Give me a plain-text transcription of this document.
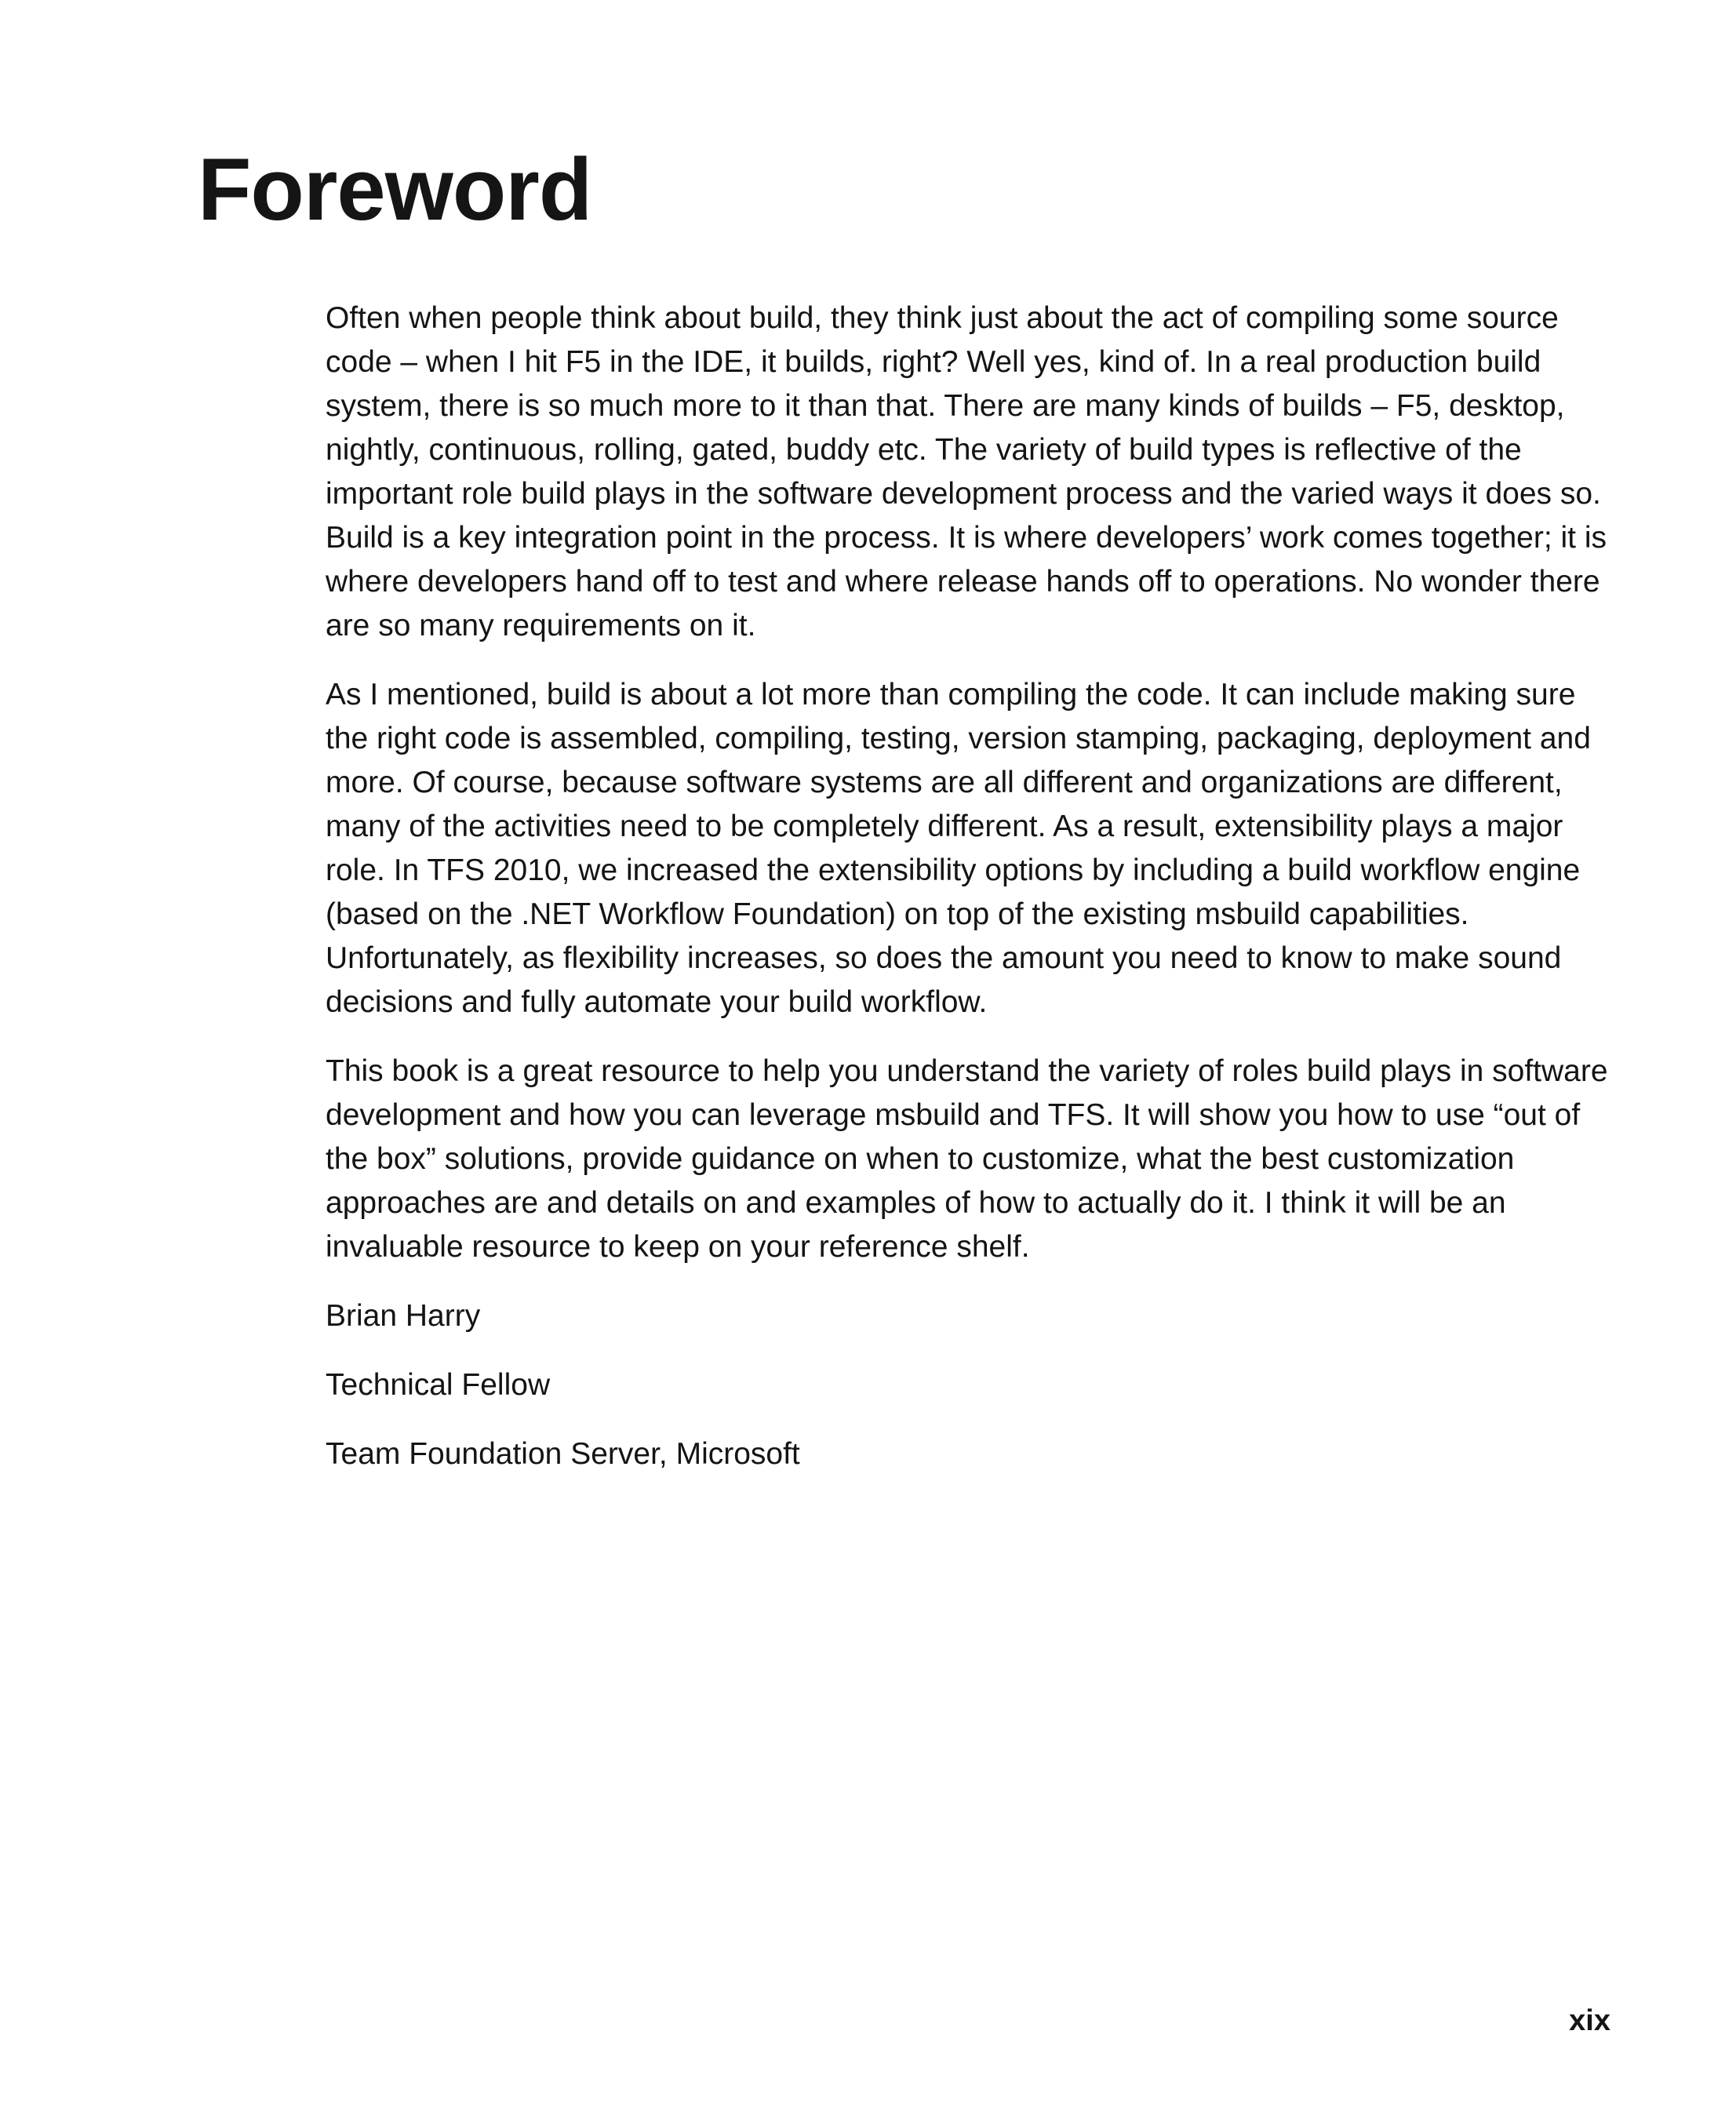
Foreword

Often when people think about build, they think just about the act of compiling some source code – when I hit F5 in the IDE, it builds, right? Well yes, kind of. In a real production build system, there is so much more to it than that. There are many kinds of builds – F5, desktop, nightly, continuous, rolling, gated, buddy etc. The variety of build types is reflective of the important role build plays in the software development process and the varied ways it does so. Build is a key integration point in the process. It is where developers’ work comes together; it is where developers hand off to test and where release hands off to operations. No wonder there are so many requirements on it.

As I mentioned, build is about a lot more than compiling the code. It can include making sure the right code is assembled, compiling, testing, version stamping, packaging, deployment and more. Of course, because software systems are all different and organizations are different, many of the activities need to be completely different. As a result, extensibility plays a major role. In TFS 2010, we increased the extensibility options by including a build workflow engine (based on the .NET Workflow Foundation) on top of the existing msbuild capabilities. Unfortunately, as flexibility increases, so does the amount you need to know to make sound decisions and fully automate your build workflow.

This book is a great resource to help you understand the variety of roles build plays in software development and how you can leverage msbuild and TFS. It will show you how to use “out of the box” solutions, provide guidance on when to customize, what the best customization approaches are and details on and examples of how to actually do it. I think it will be an invaluable resource to keep on your reference shelf.

Brian Harry
Technical Fellow
Team Foundation Server, Microsoft
xix
